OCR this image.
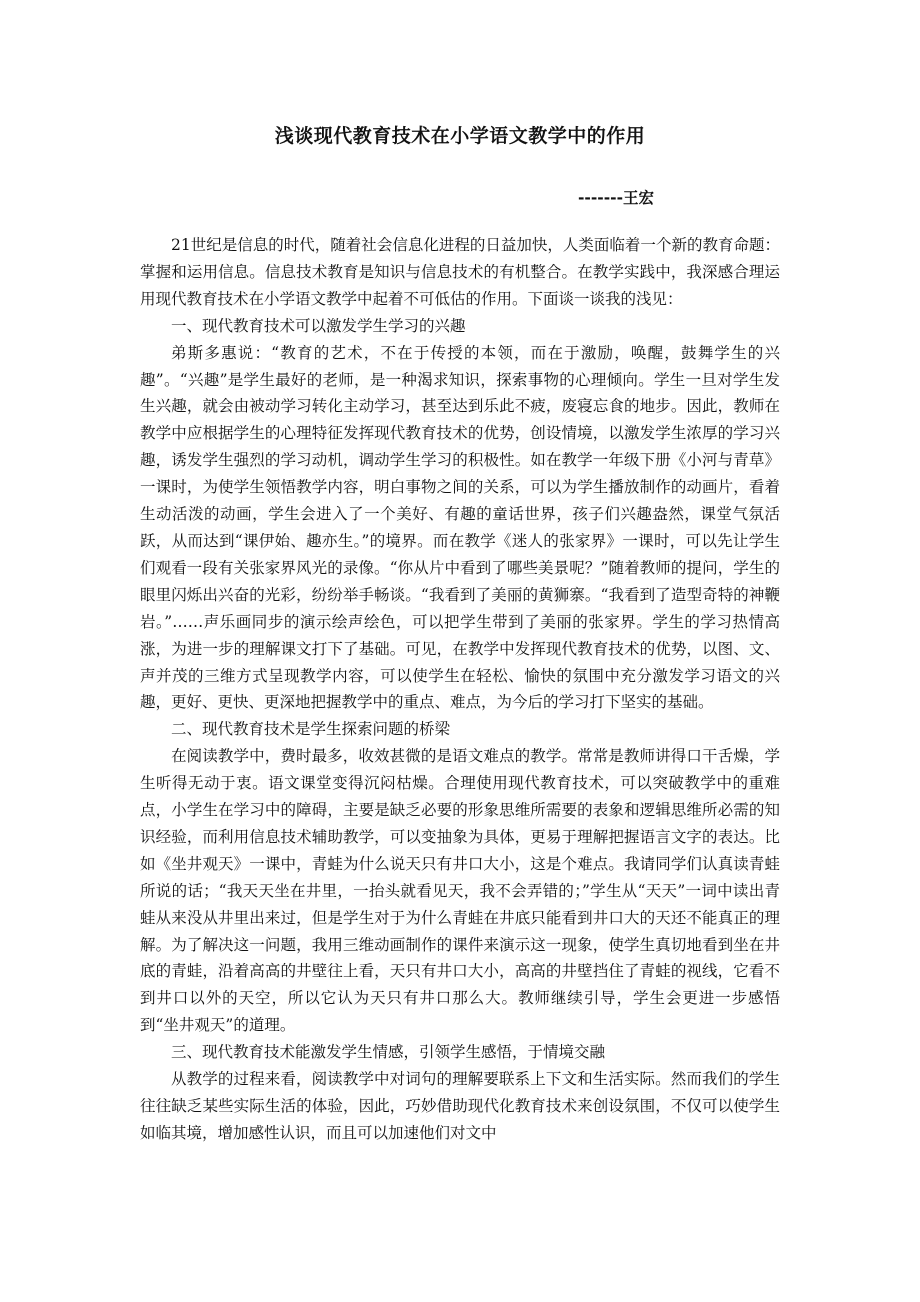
浅谈现代教育技术在小学语文教学中的作用
-------王宏

21世纪是信息的时代，随着社会信息化进程的日益加快，人类面临着一个新的教育命题：掌握和运用信息。信息技术教育是知识与信息技术的有机整合。在教学实践中，我深感合理运用现代教育技术在小学语文教学中起着不可低估的作用。下面谈一谈我的浅见：

一、现代教育技术可以激发学生学习的兴趣

弟斯多惠说：“教育的艺术，不在于传授的本领，而在于激励，唤醒，鼓舞学生的兴趣”。“兴趣”是学生最好的老师，是一种渴求知识，探索事物的心理倾向。学生一旦对学生发生兴趣，就会由被动学习转化主动学习，甚至达到乐此不疲，废寝忘食的地步。因此，教师在教学中应根据学生的心理特征发挥现代教育技术的优势，创设情境，以激发学生浓厚的学习兴趣，诱发学生强烈的学习动机，调动学生学习的积极性。如在教学一年级下册《小河与青草》一课时，为使学生领悟教学内容，明白事物之间的关系，可以为学生播放制作的动画片，看着生动活泼的动画，学生会进入了一个美好、有趣的童话世界，孩子们兴趣盎然，课堂气氛活跃，从而达到“课伊始、趣亦生。”的境界。而在教学《迷人的张家界》一课时，可以先让学生们观看一段有关张家界风光的录像。“你从片中看到了哪些美景呢？”随着教师的提问，学生的眼里闪烁出兴奋的光彩，纷纷举手畅谈。“我看到了美丽的黄狮寨。“我看到了造型奇特的神鞭岩。”……声乐画同步的演示绘声绘色，可以把学生带到了美丽的张家界。学生的学习热情高涨，为进一步的理解课文打下了基础。可见，在教学中发挥现代教育技术的优势，以图、文、声并茂的三维方式呈现教学内容，可以使学生在轻松、愉快的氛围中充分激发学习语文的兴趣，更好、更快、更深地把握教学中的重点、难点，为今后的学习打下坚实的基础。

二、现代教育技术是学生探索问题的桥梁

在阅读教学中，费时最多，收效甚微的是语文难点的教学。常常是教师讲得口干舌燥，学生听得无动于衷。语文课堂变得沉闷枯燥。合理使用现代教育技术，可以突破教学中的重难点，小学生在学习中的障碍，主要是缺乏必要的形象思维所需要的表象和逻辑思维所必需的知识经验，而利用信息技术辅助教学，可以变抽象为具体，更易于理解把握语言文字的表达。比如《坐井观天》一课中，青蛙为什么说天只有井口大小，这是个难点。我请同学们认真读青蛙所说的话；“我天天坐在井里，一抬头就看见天，我不会弄错的；”学生从“天天”一词中读出青蛙从来没从井里出来过，但是学生对于为什么青蛙在井底只能看到井口大的天还不能真正的理解。为了解决这一问题，我用三维动画制作的课件来演示这一现象，使学生真切地看到坐在井底的青蛙，沿着高高的井壁往上看，天只有井口大小，高高的井壁挡住了青蛙的视线，它看不到井口以外的天空，所以它认为天只有井口那么大。教师继续引导，学生会更进一步感悟到“坐井观天”的道理。

三、现代教育技术能激发学生情感，引领学生感悟，于情境交融

从教学的过程来看，阅读教学中对词句的理解要联系上下文和生活实际。然而我们的学生往往缺乏某些实际生活的体验，因此，巧妙借助现代化教育技术来创设氛围，不仅可以使学生如临其境，增加感性认识，而且可以加速他们对文中
